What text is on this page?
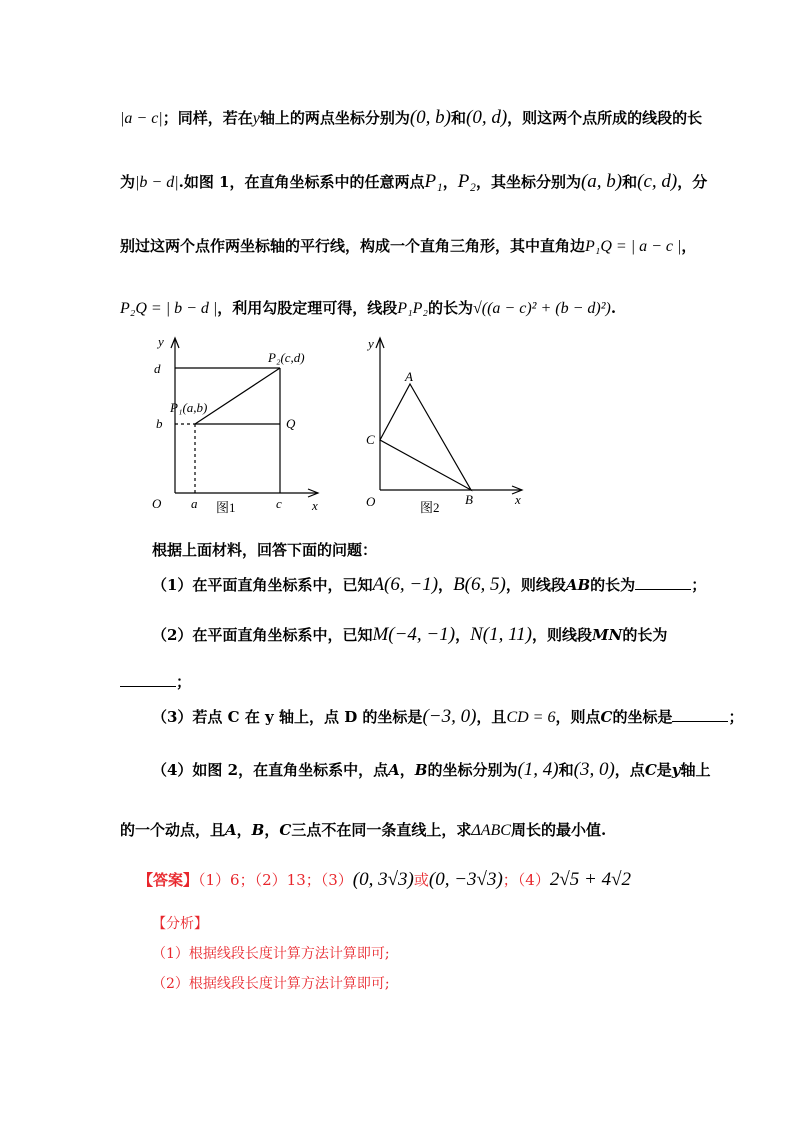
|a − c|；同样，若在y轴上的两点坐标分别为(0, b)和(0, d)，则这两个点所成的线段的长
为|b − d|.如图 1，在直角坐标系中的任意两点P₁，P₂，其坐标分别为(a, b)和(c, d)，分
别过这两个点作两坐标轴的平行线，构成一个直角三角形，其中直角边P₁Q = | a − c |，
P₂Q = | b − d |，利用勾股定理可得，线段P₁P₂的长为√((a − c)² + (b − d)²).
y
x
d
b
O a	c
P₂(c,d)
P₁(a,b)
Q
图1
y
x
A
C
O	B
图2
根据上面材料，回答下面的问题：
（1）在平面直角坐标系中，已知A(6, −1)，B(6, 5)，则线段AB的长为	；
（2）在平面直角坐标系中，已知M(−4, −1)，N(1, 11)，则线段MN的长为
；
（3）若点 C 在 y 轴上，点 D 的坐标是(−3, 0)，且CD = 6，则点C的坐标是	；
（4）如图 2，在直角坐标系中，点A，B的坐标分别为(1, 4)和(3, 0)，点C是y轴上
的一个动点，且A，B，C三点不在同一条直线上，求ΔABC周长的最小值.
【答案】（1）6；（2）13；（3）(0, 3√3)或(0, −3√3)；（4）2√5 + 4√2
【分析】
（1）根据线段长度计算方法计算即可;
（2）根据线段长度计算方法计算即可;
